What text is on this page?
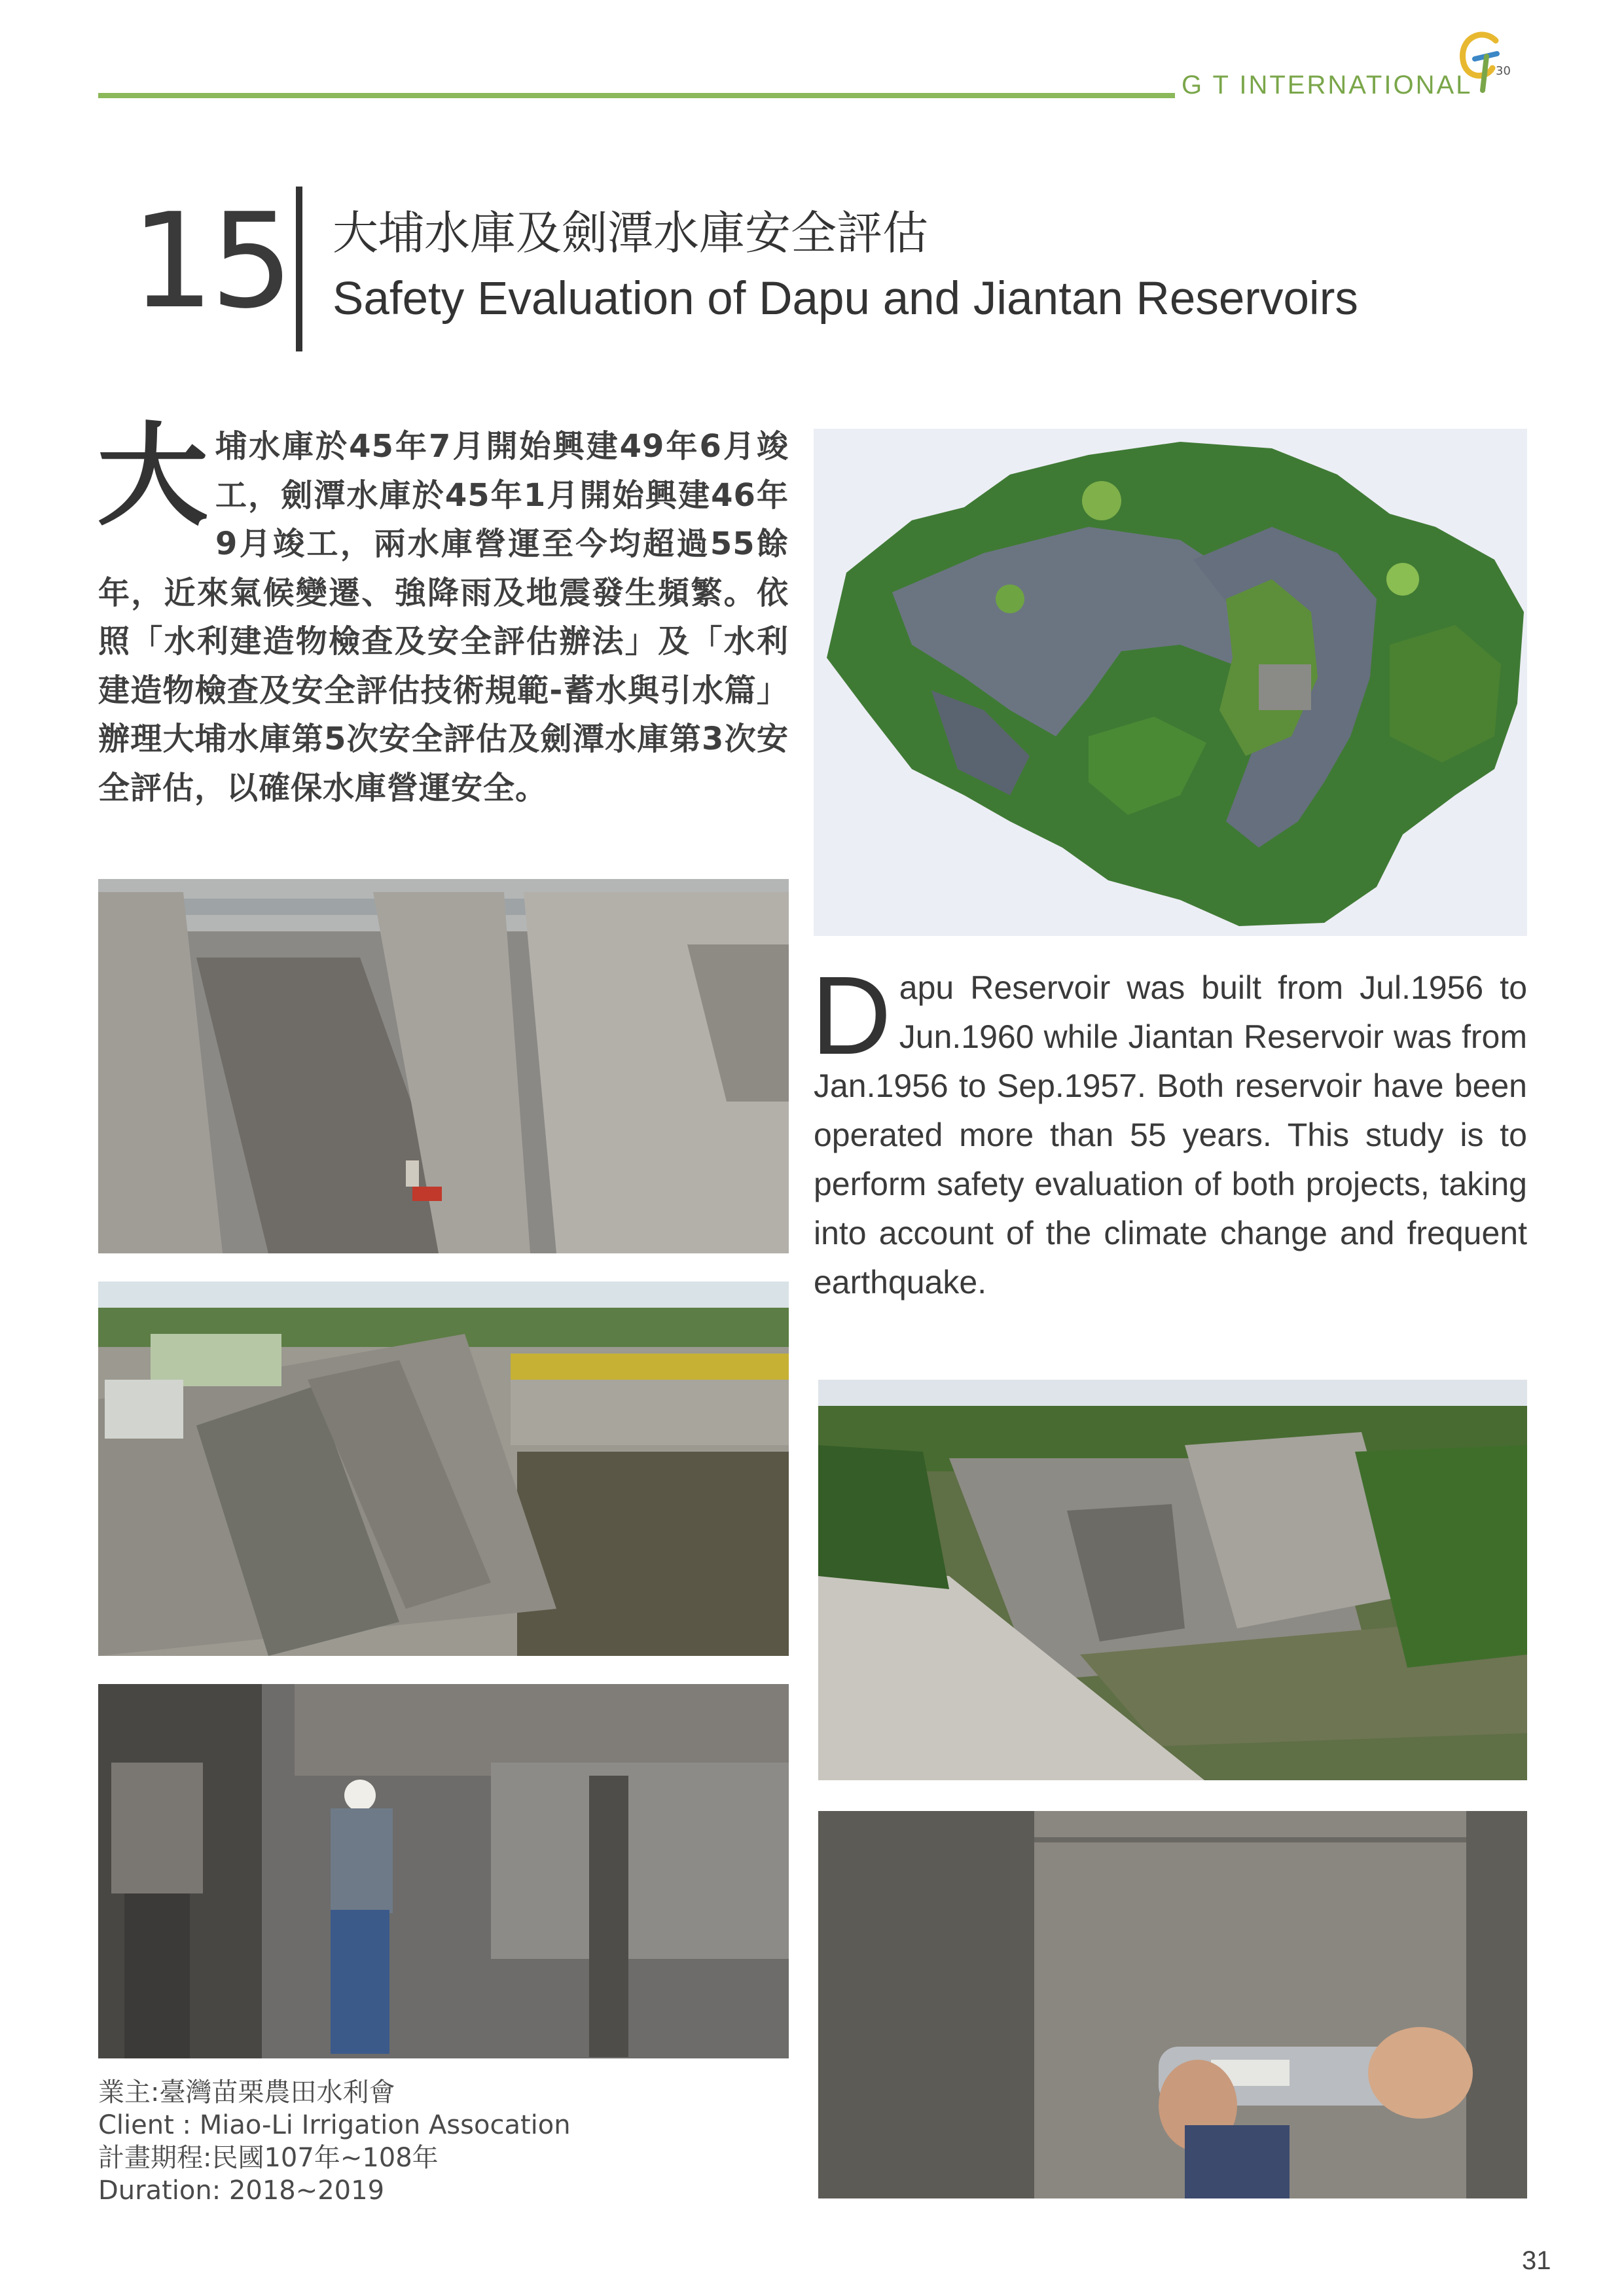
G T INTERNATIONAL 30
15 大埔水庫及劍潭水庫安全評估
Safety Evaluation of Dapu and Jiantan Reservoirs
大埔水庫於45年7月開始興建49年6月竣工，劍潭水庫於45年1月開始興建46年9月竣工，兩水庫營運至今均超過55餘年，近來氣候變遷、強降雨及地震發生頻繁。依照「水利建造物檢查及安全評估辦法」及「水利建造物檢查及安全評估技術規範-蓄水與引水篇」辦理大埔水庫第5次安全評估及劍潭水庫第3次安全評估，以確保水庫營運安全。
Dapu Reservoir was built from Jul.1956 to Jun.1960 while Jiantan Reservoir was from Jan.1956 to Sep.1957. Both reservoir have been operated more than 55 years. This study is to perform safety evaluation of both projects, taking into account of the climate change and frequent earthquake.
業主:臺灣苗栗農田水利會
Client : Miao-Li Irrigation Assocation
計畫期程:民國107年~108年
Duration: 2018~2019
31
